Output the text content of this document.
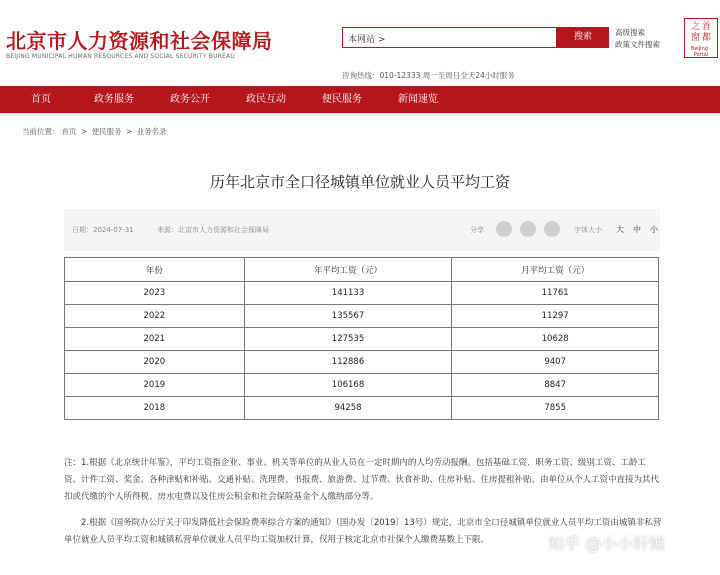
北京市人力资源和社会保障局
BEIJING MUNICIPAL HUMAN RESOURCES AND SOCIAL SECURITY BUREAU
本网站 >	搜索	高级搜索
政策文件搜索
之 首
窗 都
Beijing · Portal
咨询热线：010-12333 周一至周日全天24小时服务
首页	政务服务	政务公开	政民互动	便民服务	新闻速览
当前位置： 首页 > 便民服务 > 业务名录
历年北京市全口径城镇单位就业人员平均工资
日期：2024-07-31	来源：北京市人力资源和社会保障局	分享	字体大小 大 中 小
年份	年平均工资（元）	月平均工资（元）
2023	141133	11761
2022	135567	11297
2021	127535	10628
2020	112886	9407
2019	106168	8847
2018	94258	7855

注：1.根据《北京统计年鉴》，平均工资指企业、事业、机关等单位的从业人员在一定时期内的人均劳动报酬。包括基础工资、职务工资、级别工资、工龄工资、计件工资、奖金、各种津贴和补贴、交通补贴、洗理费、书报费、旅游费、过节费、伙食补助、住房补贴、住房提租补贴、由单位从个人工资中直接为其代扣或代缴的个人所得税、房水电费以及住房公积金和社会保险基金个人缴纳部分等。

2.根据《国务院办公厅关于印发降低社会保险费率综合方案的通知》（国办发〔2019〕13号）规定，北京市全口径城镇单位就业人员平均工资由城镇非私营单位就业人员平均工资和城镇私营单位就业人员平均工资加权计算，仅用于核定北京市社保个人缴费基数上下限。	知乎 @小小轩辕
